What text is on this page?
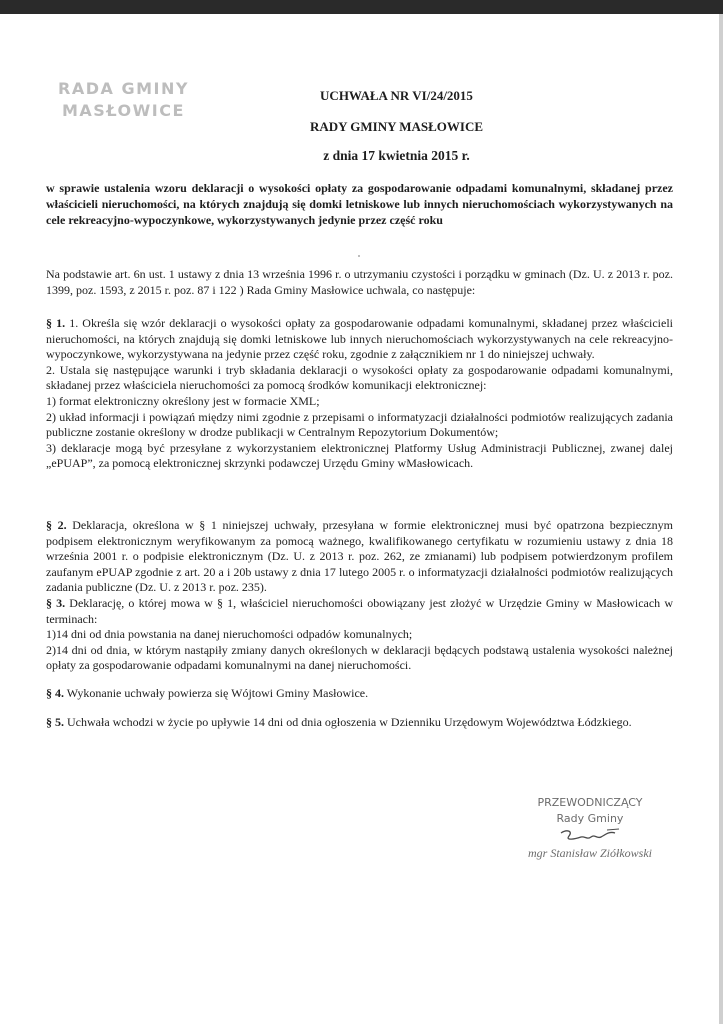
RADA GMINY
MASŁOWICE
UCHWAŁA NR VI/24/2015
RADY GMINY MASŁOWICE
z dnia 17 kwietnia 2015 r.
w sprawie ustalenia wzoru deklaracji o wysokości opłaty za gospodarowanie odpadami komunalnymi, składanej przez właścicieli nieruchomości, na których znajdują się domki letniskowe lub innych nieruchomościach wykorzystywanych na cele rekreacyjno-wypoczynkowe, wykorzystywanych jedynie przez część roku

Na podstawie art. 6n ust. 1 ustawy z dnia 13 września 1996 r. o utrzymaniu czystości i porządku w gminach (Dz. U. z 2013 r. poz. 1399, poz. 1593, z 2015 r. poz. 87 i 122 ) Rada Gminy Masłowice uchwala, co następuje:

§ 1. 1. Określa się wzór deklaracji o wysokości opłaty za gospodarowanie odpadami komunalnymi, składanej przez właścicieli nieruchomości, na których znajdują się domki letniskowe lub innych nieruchomościach wykorzystywanych na cele rekreacyjno-wypoczynkowe, wykorzystywana na jedynie przez część roku, zgodnie z załącznikiem nr 1 do niniejszej uchwały.

2. Ustala się następujące warunki i tryb składania deklaracji o wysokości opłaty za gospodarowanie odpadami komunalnymi, składanej przez właściciela nieruchomości za pomocą środków komunikacji elektronicznej:

1) format elektroniczny określony jest w formacie XML;

2) układ informacji i powiązań między nimi zgodnie z przepisami o informatyzacji działalności podmiotów realizujących zadania publiczne zostanie określony w drodze publikacji w Centralnym Repozytorium Dokumentów;

3) deklaracje mogą być przesyłane z wykorzystaniem elektronicznej Platformy Usług Administracji Publicznej, zwanej dalej „ePUAP”, za pomocą elektronicznej skrzynki podawczej Urzędu Gminy wMasłowicach.

§ 2. Deklaracja, określona w § 1 niniejszej uchwały, przesyłana w formie elektronicznej musi być opatrzona bezpiecznym podpisem elektronicznym weryfikowanym za pomocą ważnego, kwalifikowanego certyfikatu w rozumieniu ustawy z dnia 18 września 2001 r. o podpisie elektronicznym (Dz. U. z 2013 r. poz. 262, ze zmianami) lub podpisem potwierdzonym profilem zaufanym ePUAP zgodnie z art. 20 a i 20b ustawy z dnia 17 lutego 2005 r. o informatyzacji działalności podmiotów realizujących zadania publiczne (Dz. U. z 2013 r. poz. 235).

§ 3. Deklarację, o której mowa w § 1, właściciel nieruchomości obowiązany jest złożyć w Urzędzie Gminy w Masłowicach w terminach:

1)14 dni od dnia powstania na danej nieruchomości odpadów komunalnych;

2)14 dni od dnia, w którym nastąpiły zmiany danych określonych w deklaracji będących podstawą ustalenia wysokości należnej opłaty za gospodarowanie odpadami komunalnymi na danej nieruchomości.

§ 4. Wykonanie uchwały powierza się Wójtowi Gminy Masłowice.

§ 5. Uchwała wchodzi w życie po upływie 14 dni od dnia ogłoszenia w Dzienniku Urzędowym Województwa Łódzkiego.

PRZEWODNICZĄCY
Rady Gminy
mgr Stanisław Ziółkowski
